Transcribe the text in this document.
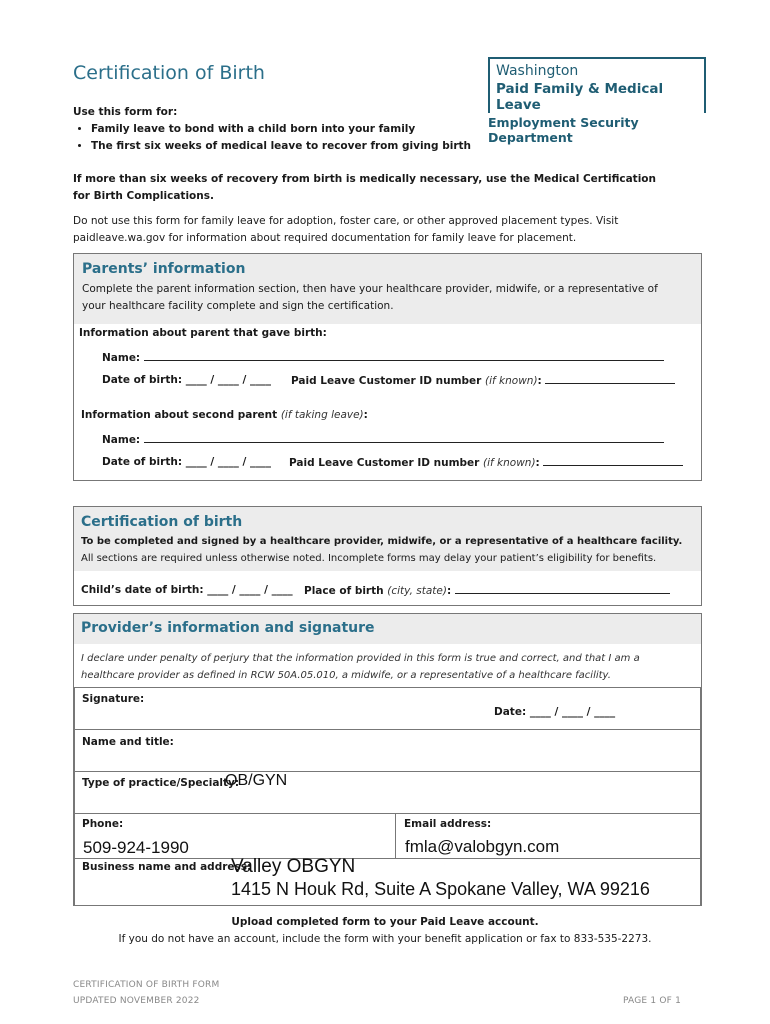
Certification of Birth	Washington
Paid Family & Medical Leave
Employment Security Department
Use this form for:
• Family leave to bond with a child born into your family
• The first six weeks of medical leave to recover from giving birth
If more than six weeks of recovery from birth is medically necessary, use the Medical Certification for Birth Complications.
Do not use this form for family leave for adoption, foster care, or other approved placement types. Visit paidleave.wa.gov for information about required documentation for family leave for placement.
Parents’ information
Complete the parent information section, then have your healthcare provider, midwife, or a representative of your healthcare facility complete and sign the certification.
Information about parent that gave birth:
Name:
Date of birth: ____ / ____ / ____ Paid Leave Customer ID number (if known):
Information about second parent (if taking leave):
Name:
Date of birth: ____ / ____ / ____ Paid Leave Customer ID number (if known):
Certification of birth
To be completed and signed by a healthcare provider, midwife, or a representative of a healthcare facility.
All sections are required unless otherwise noted. Incomplete forms may delay your patient’s eligibility for benefits.
Child’s date of birth: ____ / ____ / ____ Place of birth (city, state):
Provider’s information and signature
I declare under penalty of perjury that the information provided in this form is true and correct, and that I am a healthcare provider as defined in RCW 50A.05.010, a midwife, or a representative of a healthcare facility.
Signature:
Date: ____ / ____ / ____
Name and title:
Type of practice/Specialty:
OB/GYN
Phone:
509-924-1990
Email address:
fmla@valobgyn.com
Business name and address:
Valley OBGYN
1415 N Houk Rd, Suite A Spokane Valley, WA 99216
Upload completed form to your Paid Leave account.
If you do not have an account, include the form with your benefit application or fax to 833-535-2273.
CERTIFICATION OF BIRTH FORM
UPDATED NOVEMBER 2022	PAGE 1 OF 1
